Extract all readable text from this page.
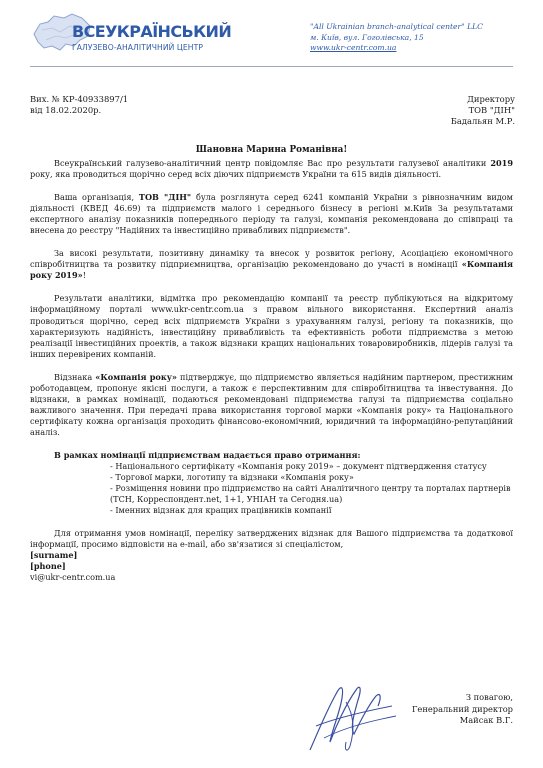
ВСЕУКРАЇНСЬКИЙ
ГАЛУЗЕВО-АНАЛІТИЧНИЙ ЦЕНТР
"All Ukrainian branch-analytical center" LLC
м. Київ, вул. Гоголівська, 15
www.ukr-centr.com.ua
Вих. № КР-40933897/1
від 18.02.2020р.
Директору
ТОВ "ДІН"
Бадальян М.Р.
Шановна Марина Романівна!

Всеукраїнський галузево-аналітичний центр повідомляє Вас про результати галузевої аналітики 2019 року, яка проводиться щорічно серед всіх діючих підприємств України та 615 видів діяльності.

Ваша організація, ТОВ "ДІН" була розглянута серед 6241 компаній України з рівнозначним видом діяльності (КВЕД 46.69) та підприємств малого і середнього бізнесу в регіоні м.Київ За результатами експертного аналізу показників попереднього періоду та галузі, компанія рекомендована до співпраці та внесена до реєстру "Надійних та інвестиційно привабливих підприємств".

За високі результати, позитивну динаміку та внесок у розвиток регіону, Асоціацією економічного співробітництва та розвитку підприємництва, організацію рекомендовано до участі в номінації «Компанія року 2019»!

Результати аналітики, відмітка про рекомендацію компанії та реєстр публікуються на відкритому інформаційному порталі www.ukr-centr.com.ua з правом вільного використання. Експертний аналіз проводиться щорічно, серед всіх підприємств України з урахуванням галузі, регіону та показників, що характеризують надійність, інвестиційну привабливість та ефективність роботи підприємства з метою реалізації інвестиційних проектів, а також відзнаки кращих національних товаровиробників, лідерів галузі та інших перевірених компаній.

Відзнака «Компанія року» підтверджує, що підприємство являється надійним партнером, престижним роботодавцем, пропонує якісні послуги, а також є перспективним для співробітництва та інвестування. До відзнаки, в рамках номінації, подаються рекомендовані підприємства галузі та підприємства соціально важливого значення. При передачі права використання торгової марки «Компанія року» та Національного сертифікату кожна організація проходить фінансово-економічний, юридичний та інформаційно-репутаційний аналіз.

В рамках номінації підприємствам надається право отримання:
- Національного сертифікату «Компанія року 2019» – документ підтвердження статусу
- Торгової марки, логотипу та відзнаки «Компанія року»
- Розміщення новини про підприємство на сайті Аналітичного центру та порталах партнерів
(ТСН, Корреспондент.net, 1+1, УНІАН та Сегодня.ua)
- Іменних відзнак для кращих працівників компанії

Для отримання умов номінації, переліку затверджених відзнак для Вашого підприємства та додаткової інформації, просимо відповісти на e-mail, або зв'язатися зі спеціалістом,

[surname]
[phone]
vi@ukr-centr.com.ua
З повагою,
Генеральний директор
Майсак В.Г.
